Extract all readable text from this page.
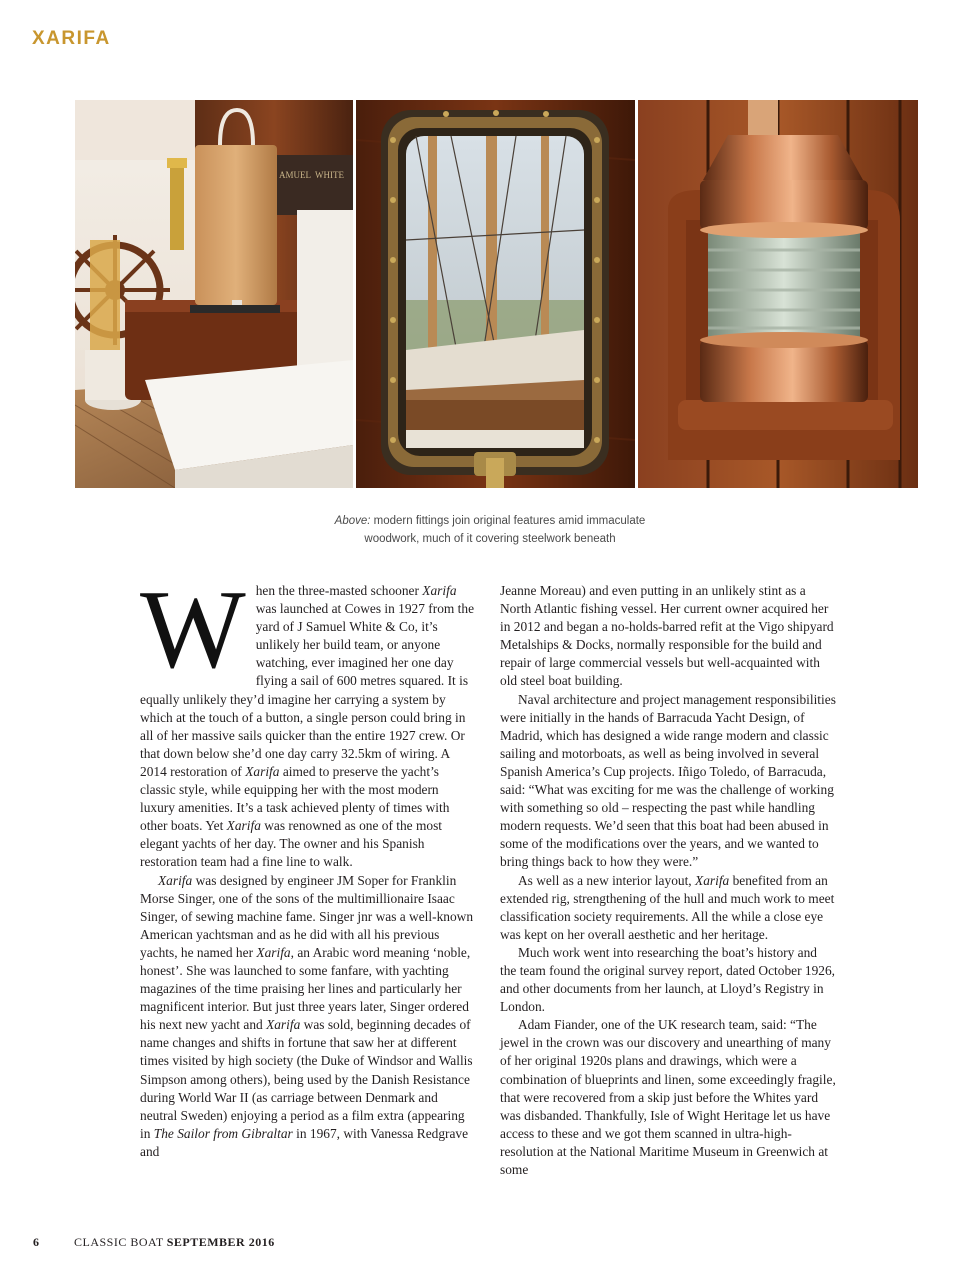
XARIFA
AMUEL WHITE
Above: modern fittings join original features amid immaculate
woodwork, much of it covering steelwork beneath

When the three-masted schooner Xarifa was launched at Cowes in 1927 from the yard of J Samuel White & Co, it’s unlikely her build team, or anyone watching, ever imagined her one day flying a sail of 600 metres squared. It is equally unlikely they’d imagine her carrying a system by which at the touch of a button, a single person could bring in all of her massive sails quicker than the entire 1927 crew. Or that down below she’d one day carry 32.5km of wiring. A 2014 restoration of Xarifa aimed to preserve the yacht’s classic style, while equipping her with the most modern luxury amenities. It’s a task achieved plenty of times with other boats. Yet Xarifa was renowned as one of the most elegant yachts of her day. The owner and his Spanish restoration team had a fine line to walk.

Xarifa was designed by engineer JM Soper for Franklin Morse Singer, one of the sons of the multimillionaire Isaac Singer, of sewing machine fame. Singer jnr was a well-known American yachtsman and as he did with all his previous yachts, he named her Xarifa, an Arabic word meaning ‘noble, honest’. She was launched to some fanfare, with yachting magazines of the time praising her lines and particularly her magnificent interior. But just three years later, Singer ordered his next new yacht and Xarifa was sold, beginning decades of name changes and shifts in fortune that saw her at different times visited by high society (the Duke of Windsor and Wallis Simpson among others), being used by the Danish Resistance during World War II (as carriage between Denmark and neutral Sweden) enjoying a period as a film extra (appearing in The Sailor from Gibraltar in 1967, with Vanessa Redgrave and

Jeanne Moreau) and even putting in an unlikely stint as a North Atlantic fishing vessel. Her current owner acquired her in 2012 and began a no-holds-barred refit at the Vigo shipyard Metalships & Docks, normally responsible for the build and repair of large commercial vessels but well-acquainted with old steel boat building.

Naval architecture and project management responsibilities were initially in the hands of Barracuda Yacht Design, of Madrid, which has designed a wide range modern and classic sailing and motorboats, as well as being involved in several Spanish America’s Cup projects. Iñigo Toledo, of Barracuda, said: “What was exciting for me was the challenge of working with something so old – respecting the past while handling modern requests. We’d seen that this boat had been abused in some of the modifications over the years, and we wanted to bring things back to how they were.”

As well as a new interior layout, Xarifa benefited from an extended rig, strengthening of the hull and much work to meet classification society requirements. All the while a close eye was kept on her overall aesthetic and her heritage.

Much work went into researching the boat’s history and the team found the original survey report, dated October 1926, and other documents from her launch, at Lloyd’s Registry in London.

Adam Fiander, one of the UK research team, said: “The jewel in the crown was our discovery and unearthing of many of her original 1920s plans and drawings, which were a combination of blueprints and linen, some exceedingly fragile, that were recovered from a skip just before the Whites yard was disbanded. Thankfully, Isle of Wight Heritage let us have access to these and we got them scanned in ultra-high-resolution at the National Maritime Museum in Greenwich at some

6	CLASSIC BOAT SEPTEMBER 2016
